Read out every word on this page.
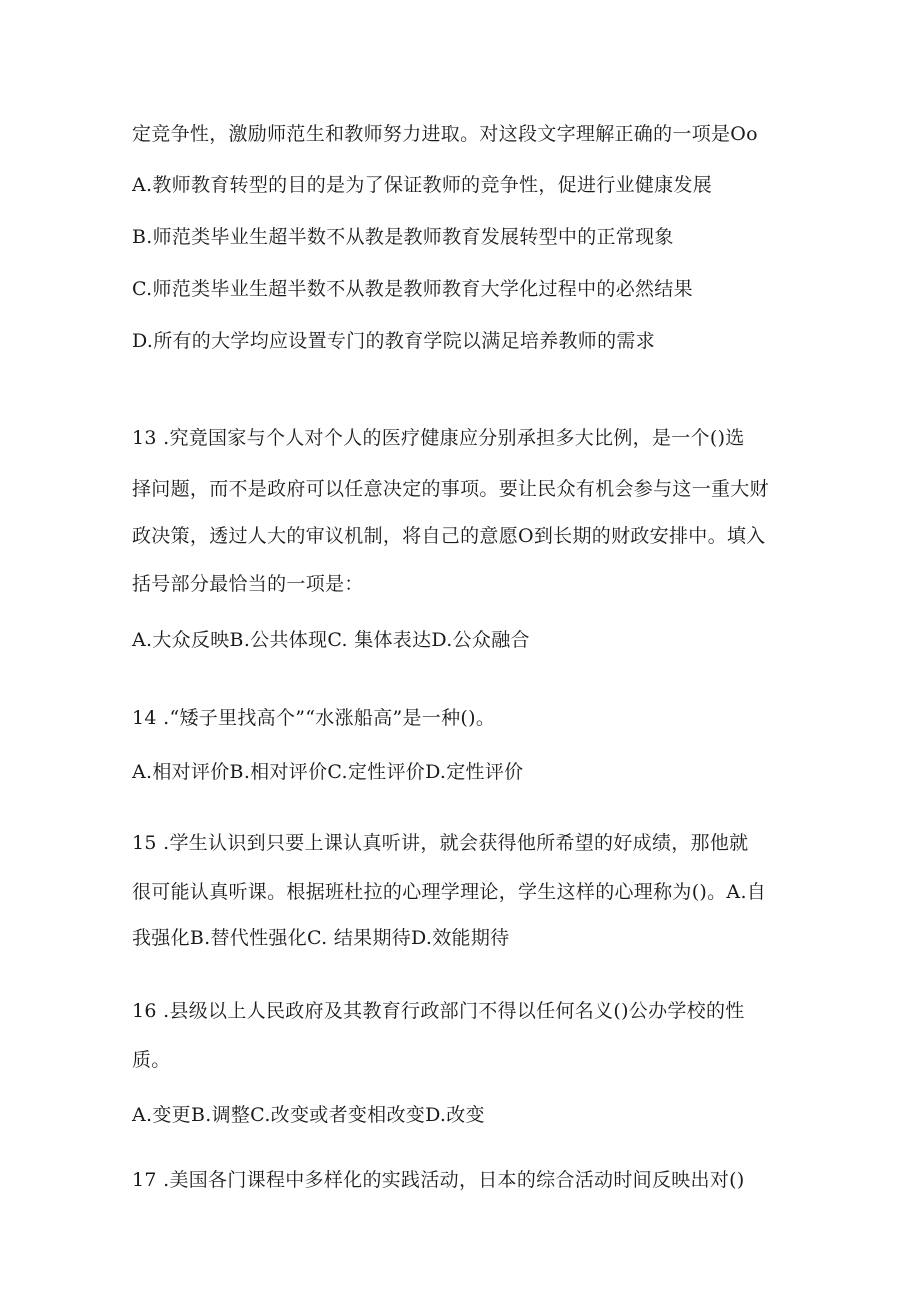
定竞争性，激励师范生和教师努力进取。对这段文字理解正确的一项是Oo
A.教师教育转型的目的是为了保证教师的竞争性，促进行业健康发展
B.师范类毕业生超半数不从教是教师教育发展转型中的正常现象
C.师范类毕业生超半数不从教是教师教育大学化过程中的必然结果
D.所有的大学均应设置专门的教育学院以满足培养教师的需求
13 .究竟国家与个人对个人的医疗健康应分别承担多大比例，是一个()选
择问题，而不是政府可以任意决定的事项。要让民众有机会参与这一重大财
政决策，透过人大的审议机制，将自己的意愿O到长期的财政安排中。填入
括号部分最恰当的一项是：
A.大众反映B.公共体现C. 集体表达D.公众融合
14 .“矮子里找高个”“水涨船高”是一种()。
A.相对评价B.相对评价C.定性评价D.定性评价
15 .学生认识到只要上课认真听讲，就会获得他所希望的好成绩，那他就
很可能认真听课。根据班杜拉的心理学理论，学生这样的心理称为()。A.自
我强化B.替代性强化C. 结果期待D.效能期待
16 .县级以上人民政府及其教育行政部门不得以任何名义()公办学校的性
质。
A.变更B.调整C.改变或者变相改变D.改变
17 .美国各门课程中多样化的实践活动，日本的综合活动时间反映出对()
